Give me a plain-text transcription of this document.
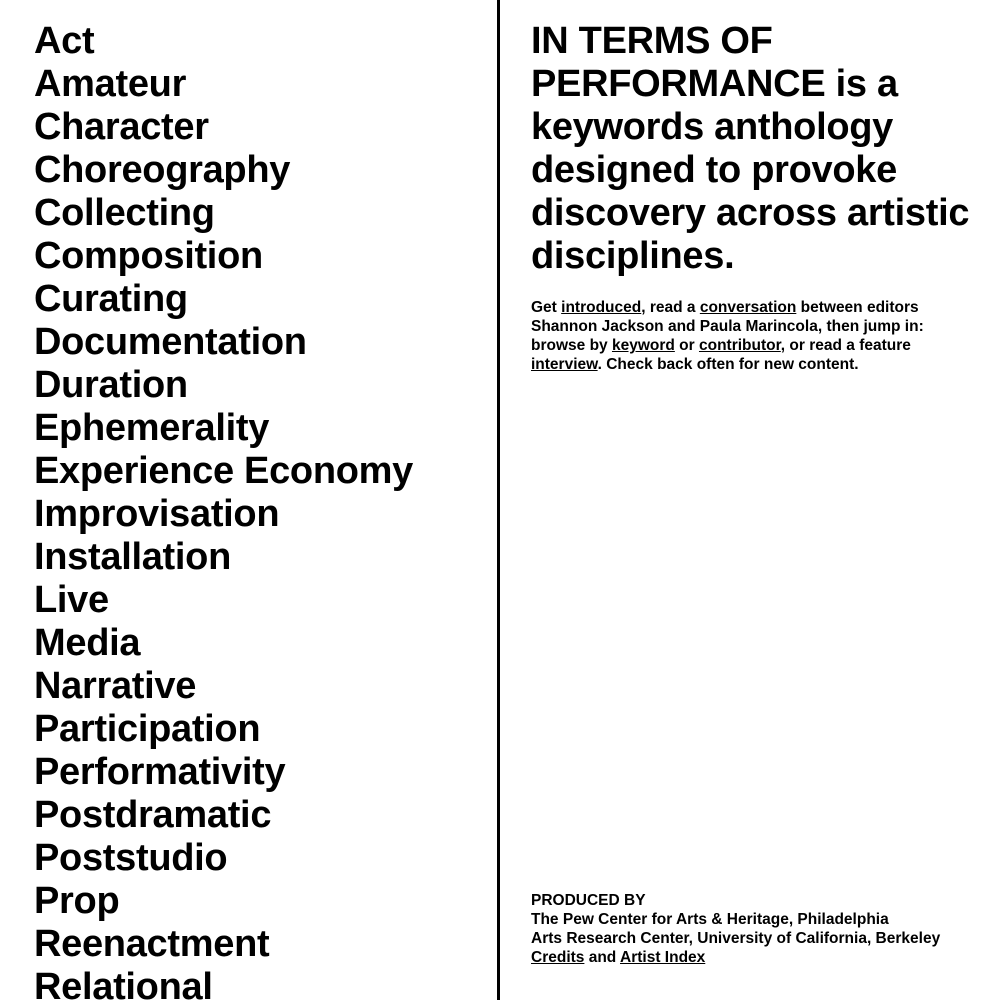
Act
Amateur
Character
Choreography
Collecting
Composition
Curating
Documentation
Duration
Ephemerality
Experience Economy
Improvisation
Installation
Live
Media
Narrative
Participation
Performativity
Postdramatic
Poststudio
Prop
Reenactment
Relational
IN TERMS OF PERFORMANCE is a keywords anthology designed to provoke discovery across artistic disciplines.

Get introduced, read a conversation between editors Shannon Jackson and Paula Marincola, then jump in: browse by keyword or contributor, or read a feature interview. Check back often for new content.

PRODUCED BY
The Pew Center for Arts & Heritage, Philadelphia
Arts Research Center, University of California, Berkeley
Credits and Artist Index
